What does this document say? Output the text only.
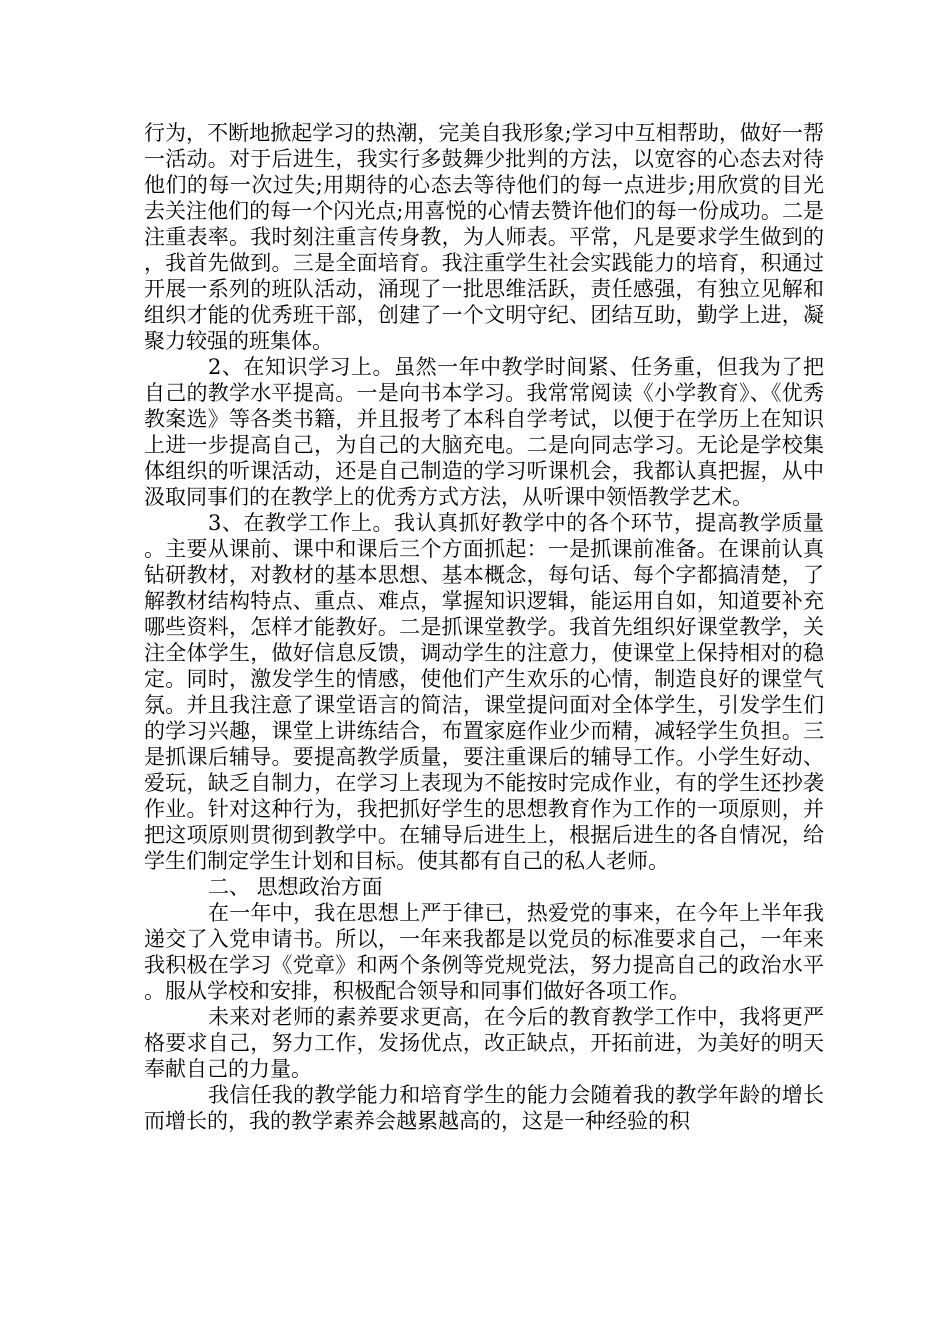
行为，不断地掀起学习的热潮，完美自我形象;学习中互相帮助，做好一帮一活动。对于后进生，我实行多鼓舞少批判的方法，以宽容的心态去对待他们的每一次过失;用期待的心态去等待他们的每一点进步;用欣赏的目光去关注他们的每一个闪光点;用喜悦的心情去赞许他们的每一份成功。二是注重表率。我时刻注重言传身教，为人师表。平常，凡是要求学生做到的，我首先做到。三是全面培育。我注重学生社会实践能力的培育，积通过开展一系列的班队活动，涌现了一批思维活跃，责任感强，有独立见解和组织才能的优秀班干部，创建了一个文明守纪、团结互助，勤学上进，凝聚力较强的班集体。

2、在知识学习上。虽然一年中教学时间紧、任务重，但我为了把自己的教学水平提高。一是向书本学习。我常常阅读《小学教育》、《优秀教案选》等各类书籍，并且报考了本科自学考试，以便于在学历上在知识上进一步提高自己，为自己的大脑充电。二是向同志学习。无论是学校集体组织的听课活动，还是自己制造的学习听课机会，我都认真把握，从中汲取同事们的在教学上的优秀方式方法，从听课中领悟教学艺术。

3、在教学工作上。我认真抓好教学中的各个环节，提高教学质量。主要从课前、课中和课后三个方面抓起：一是抓课前准备。在课前认真钻研教材，对教材的基本思想、基本概念，每句话、每个字都搞清楚，了解教材结构特点、重点、难点，掌握知识逻辑，能运用自如，知道要补充哪些资料，怎样才能教好。二是抓课堂教学。我首先组织好课堂教学，关注全体学生，做好信息反馈，调动学生的注意力，使课堂上保持相对的稳定。同时，激发学生的情感，使他们产生欢乐的心情，制造良好的课堂气氛。并且我注意了课堂语言的简洁，课堂提问面对全体学生，引发学生们的学习兴趣，课堂上讲练结合，布置家庭作业少而精，减轻学生负担。三是抓课后辅导。要提高教学质量，要注重课后的辅导工作。小学生好动、爱玩，缺乏自制力，在学习上表现为不能按时完成作业，有的学生还抄袭作业。针对这种行为，我把抓好学生的思想教育作为工作的一项原则，并把这项原则贯彻到教学中。在辅导后进生上，根据后进生的各自情况，给学生们制定学生计划和目标。使其都有自己的私人老师。

二、 思想政治方面

在一年中，我在思想上严于律已，热爱党的事来，在今年上半年我递交了入党申请书。所以，一年来我都是以党员的标准要求自己，一年来我积极在学习《党章》和两个条例等党规党法，努力提高自己的政治水平。服从学校和安排，积极配合领导和同事们做好各项工作。

未来对老师的素养要求更高，在今后的教育教学工作中，我将更严格要求自己，努力工作，发扬优点，改正缺点，开拓前进，为美好的明天奉献自己的力量。

我信任我的教学能力和培育学生的能力会随着我的教学年龄的增长而增长的，我的教学素养会越累越高的，这是一种经验的积
